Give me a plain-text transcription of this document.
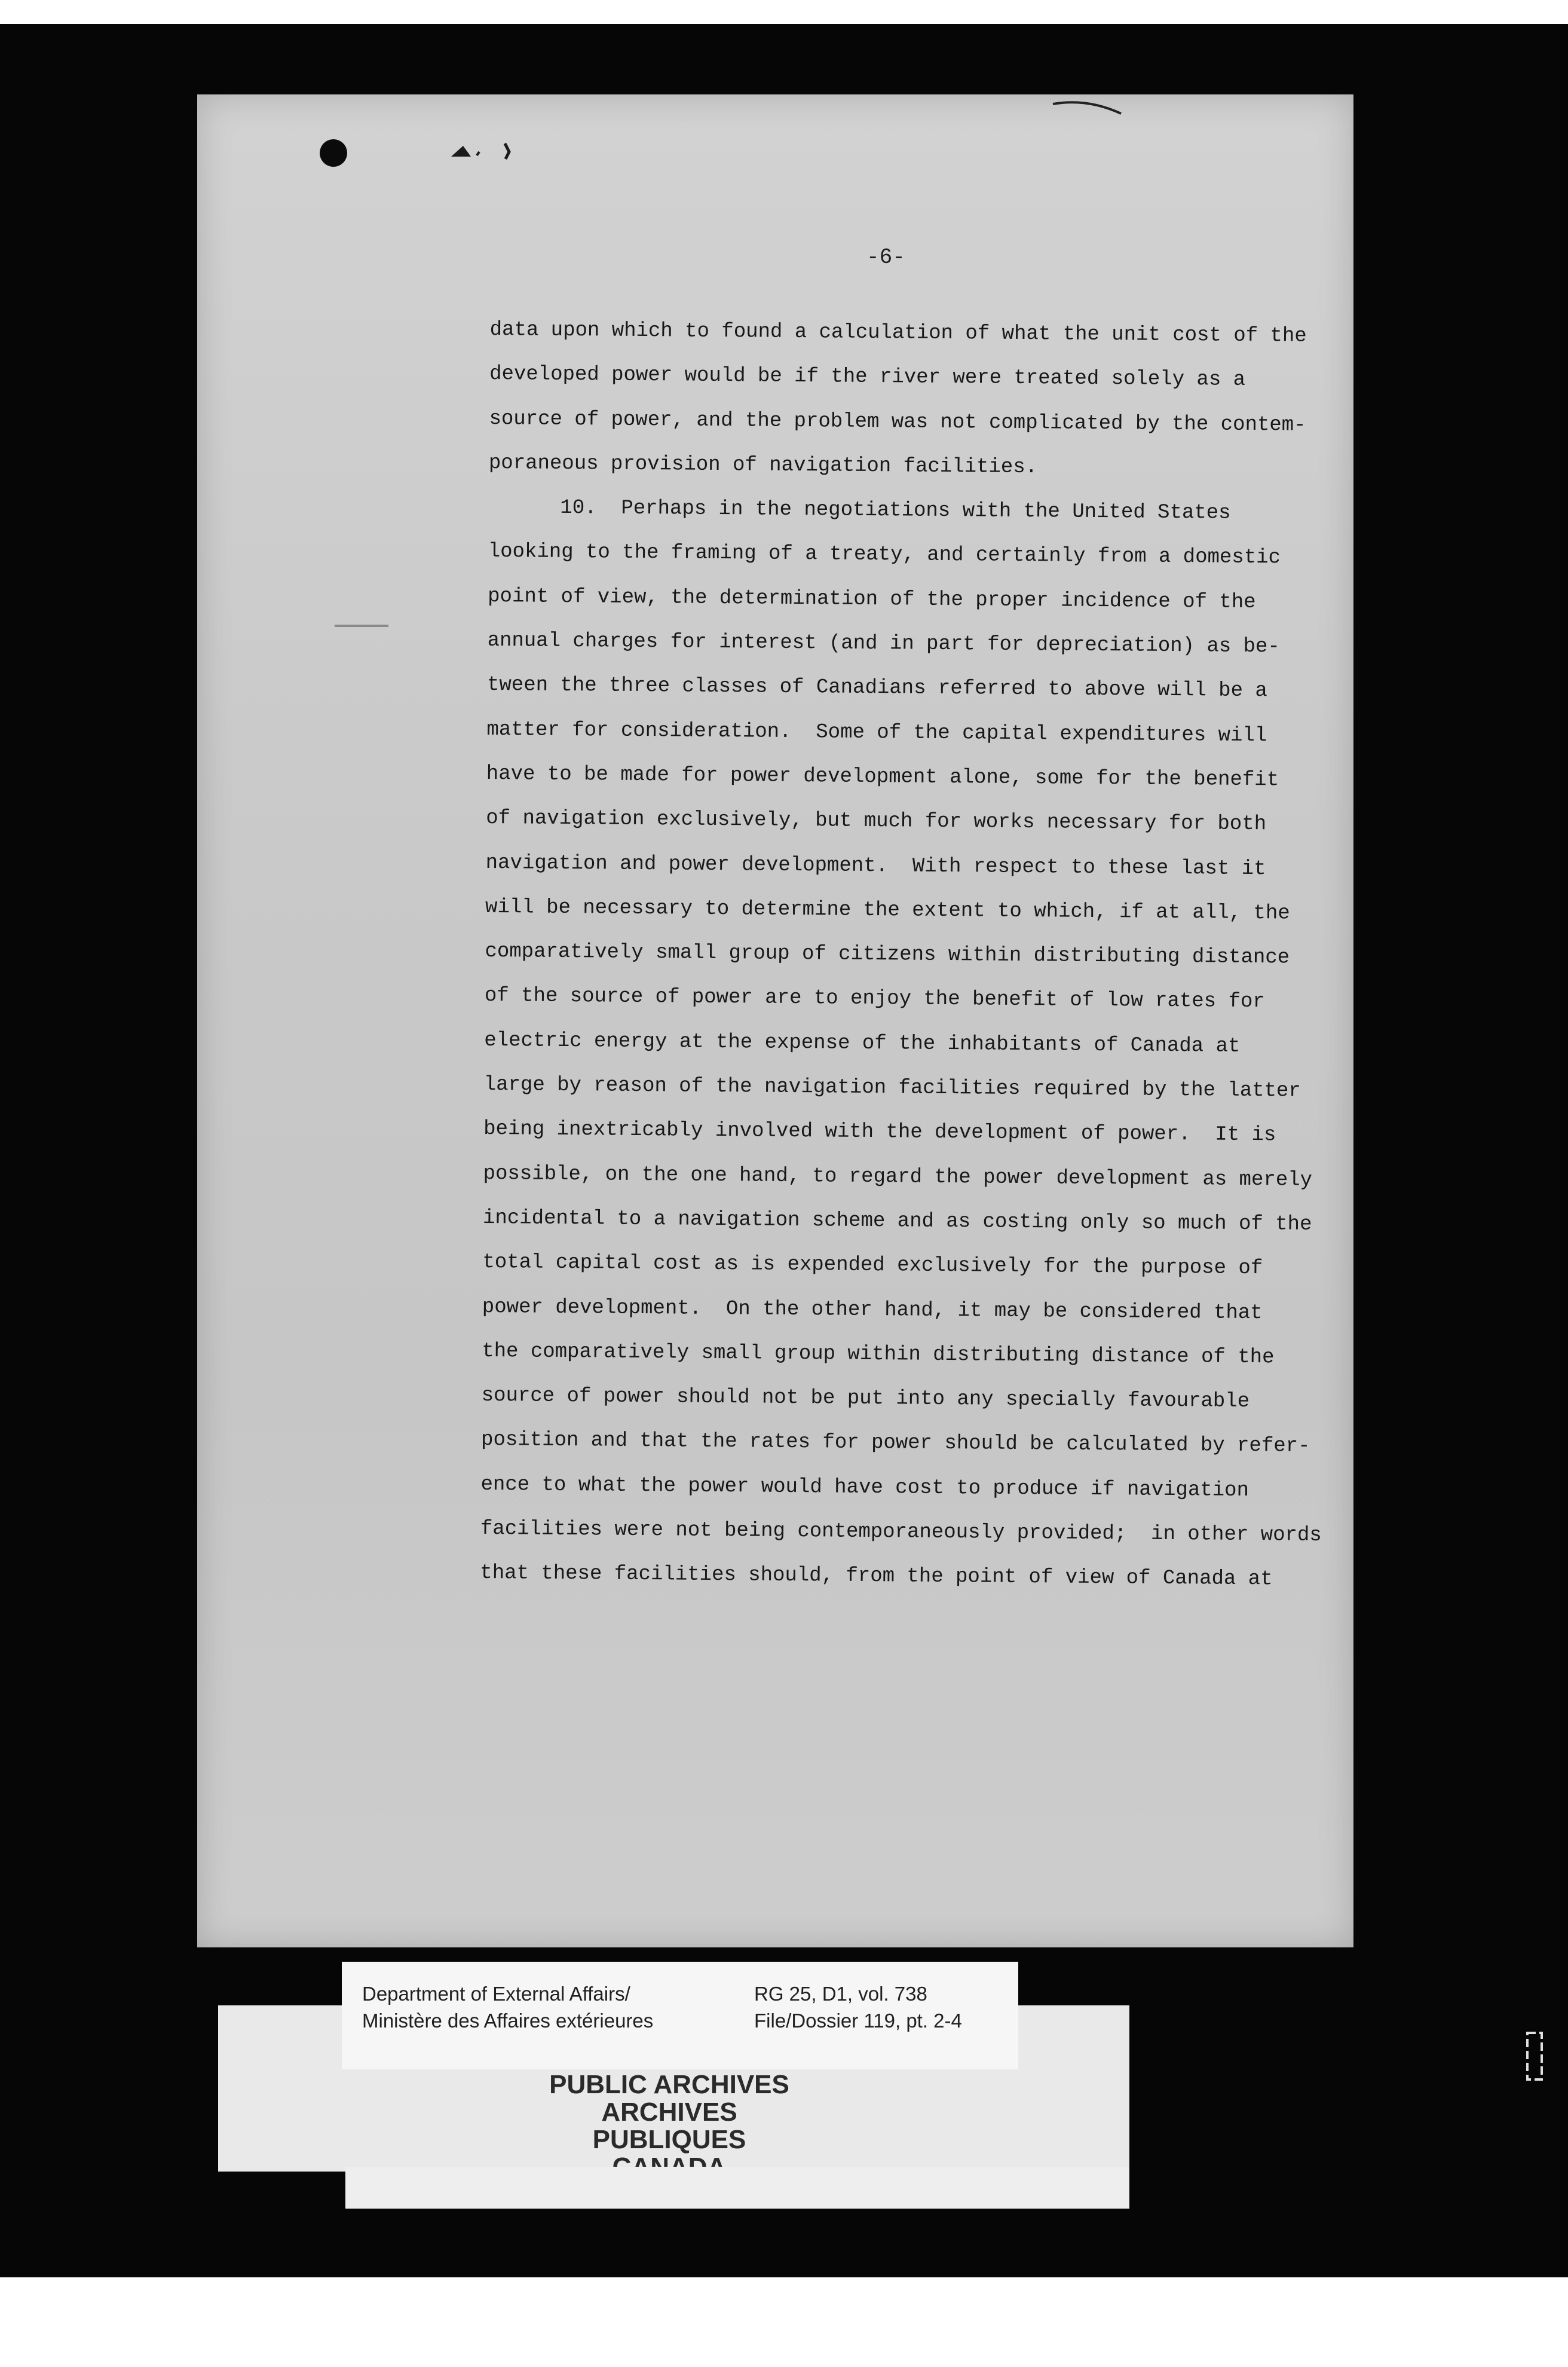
-6-
data upon which to found a calculation of what the unit cost of the
developed power would be if the river were treated solely as a
source of power, and the problem was not complicated by the contem-
poraneous provision of navigation facilities.
10.  Perhaps in the negotiations with the United States
looking to the framing of a treaty, and certainly from a domestic
point of view, the determination of the proper incidence of the
annual charges for interest (and in part for depreciation) as be-
tween the three classes of Canadians referred to above will be a
matter for consideration.  Some of the capital expenditures will
have to be made for power development alone, some for the benefit
of navigation exclusively, but much for works necessary for both
navigation and power development.  With respect to these last it
will be necessary to determine the extent to which, if at all, the
comparatively small group of citizens within distributing distance
of the source of power are to enjoy the benefit of low rates for
electric energy at the expense of the inhabitants of Canada at
large by reason of the navigation facilities required by the latter
being inextricably involved with the development of power.  It is
possible, on the one hand, to regard the power development as merely
incidental to a navigation scheme and as costing only so much of the
total capital cost as is expended exclusively for the purpose of
power development.  On the other hand, it may be considered that
the comparatively small group within distributing distance of the
source of power should not be put into any specially favourable
position and that the rates for power should be calculated by refer-
ence to what the power would have cost to produce if navigation
facilities were not being contemporaneously provided;  in other words
that these facilities should, from the point of view of Canada at
PUBLIC ARCHIVES
ARCHIVES PUBLIQUES
Department of External Affairs/
Ministère des Affaires extérieures
RG 25, D1, vol. 738
File/Dossier 119, pt. 2-4
